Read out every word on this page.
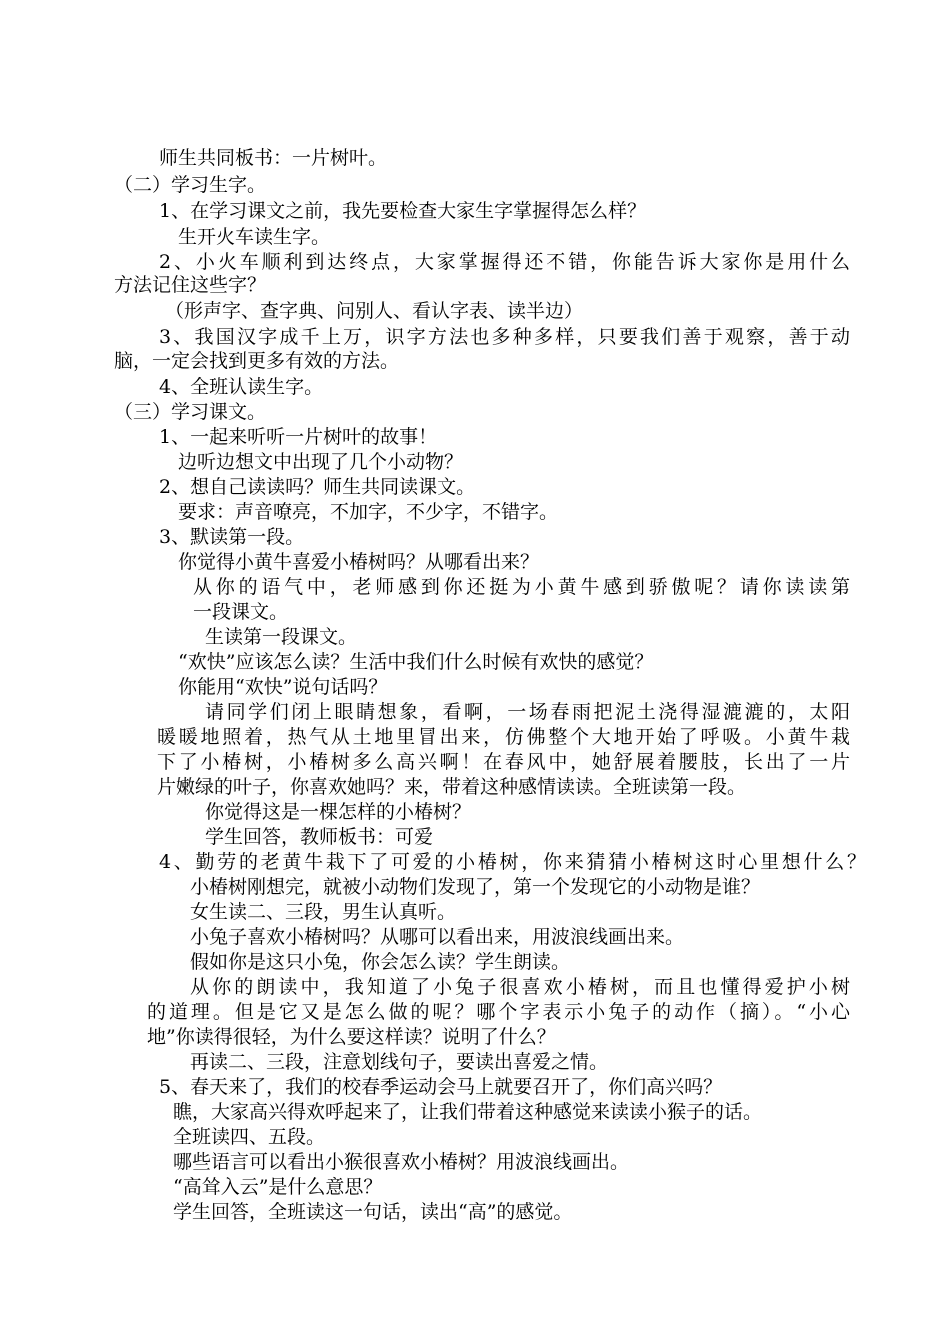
师生共同板书：一片树叶。
（二）学习生字。
1、在学习课文之前，我先要检查大家生字掌握得怎么样？
生开火车读生字。
2、小火车顺利到达终点，大家掌握得还不错，你能告诉大家你是用什么
方法记住这些字？
（形声字、查字典、问别人、看认字表、读半边）
3、我国汉字成千上万，识字方法也多种多样，只要我们善于观察，善于动
脑，一定会找到更多有效的方法。
4、全班认读生字。
（三）学习课文。
1、一起来听听一片树叶的故事！
边听边想文中出现了几个小动物？
2、想自己读读吗？师生共同读课文。
要求：声音嘹亮，不加字，不少字，不错字。
3、默读第一段。
你觉得小黄牛喜爱小椿树吗？从哪看出来？
从你的语气中，老师感到你还挺为小黄牛感到骄傲呢？请你读读第
一段课文。
生读第一段课文。
“欢快”应该怎么读？生活中我们什么时候有欢快的感觉？
你能用“欢快”说句话吗？
请同学们闭上眼睛想象，看啊，一场春雨把泥土浇得湿漉漉的，太阳
暖暖地照着，热气从土地里冒出来，仿佛整个大地开始了呼吸。小黄牛栽
下了小椿树，小椿树多么高兴啊！在春风中，她舒展着腰肢，长出了一片
片嫩绿的叶子，你喜欢她吗？来，带着这种感情读读。全班读第一段。
你觉得这是一棵怎样的小椿树？
学生回答，教师板书：可爱
4、勤劳的老黄牛栽下了可爱的小椿树，你来猜猜小椿树这时心里想什么？
小椿树刚想完，就被小动物们发现了，第一个发现它的小动物是谁？
女生读二、三段，男生认真听。
小兔子喜欢小椿树吗？从哪可以看出来，用波浪线画出来。
假如你是这只小兔，你会怎么读？学生朗读。
从你的朗读中，我知道了小兔子很喜欢小椿树，而且也懂得爱护小树
的道理。但是它又是怎么做的呢？哪个字表示小兔子的动作（摘）。“小心
地”你读得很轻，为什么要这样读？说明了什么？
再读二、三段，注意划线句子，要读出喜爱之情。
5、春天来了，我们的校春季运动会马上就要召开了，你们高兴吗？
瞧，大家高兴得欢呼起来了，让我们带着这种感觉来读读小猴子的话。
全班读四、五段。
哪些语言可以看出小猴很喜欢小椿树？用波浪线画出。
“高耸入云”是什么意思？
学生回答，全班读这一句话，读出“高”的感觉。
